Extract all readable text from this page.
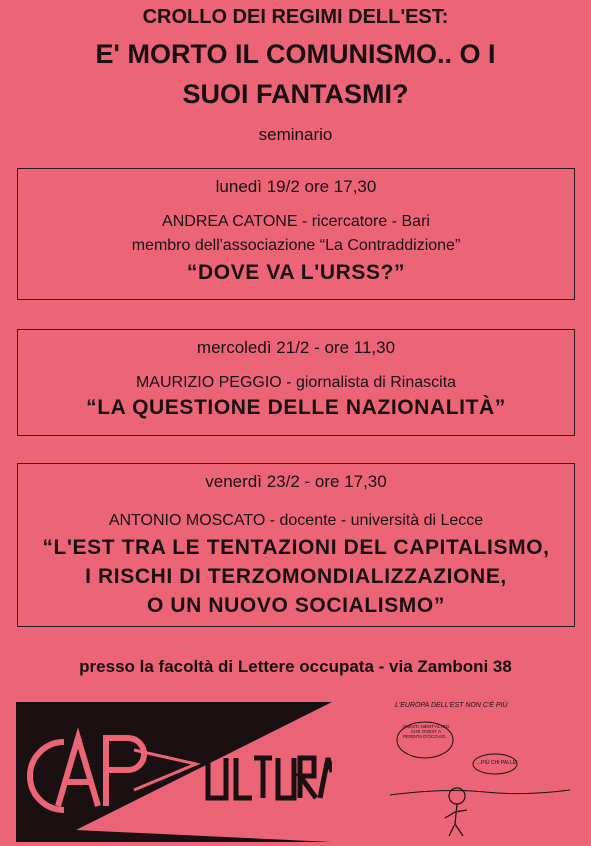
CROLLO DEI REGIMI DELL'EST:
E' MORTO IL COMUNISMO.. O I
SUOI FANTASMI?
seminario
lunedì 19/2 ore 17,30
ANDREA CATONE - ricercatore - Bari
membro dell'associazione “La Contraddizione”
“DOVE VA L'URSS?”
mercoledì 21/2 - ore 11,30
MAURIZIO PEGGIO - giornalista di Rinascita
“LA QUESTIONE DELLE NAZIONALITÀ”
venerdì 23/2 - ore 17,30
ANTONIO MOSCATO - docente - università di Lecce
“L'EST TRA LE TENTAZIONI DEL CAPITALISMO,
I RISCHI DI TERZOMONDIALIZZAZIONE,
O UN NUOVO SOCIALISMO”
presso la facoltà di Lettere occupata - via Zamboni 38
arte
L'EUROPA DELL'EST NON C'È PIÙ
QUESTI NIENT'ALTRO CHE OVEST A PERDITA D'OCCHIO...
...PIÙ CHI PALLE!
